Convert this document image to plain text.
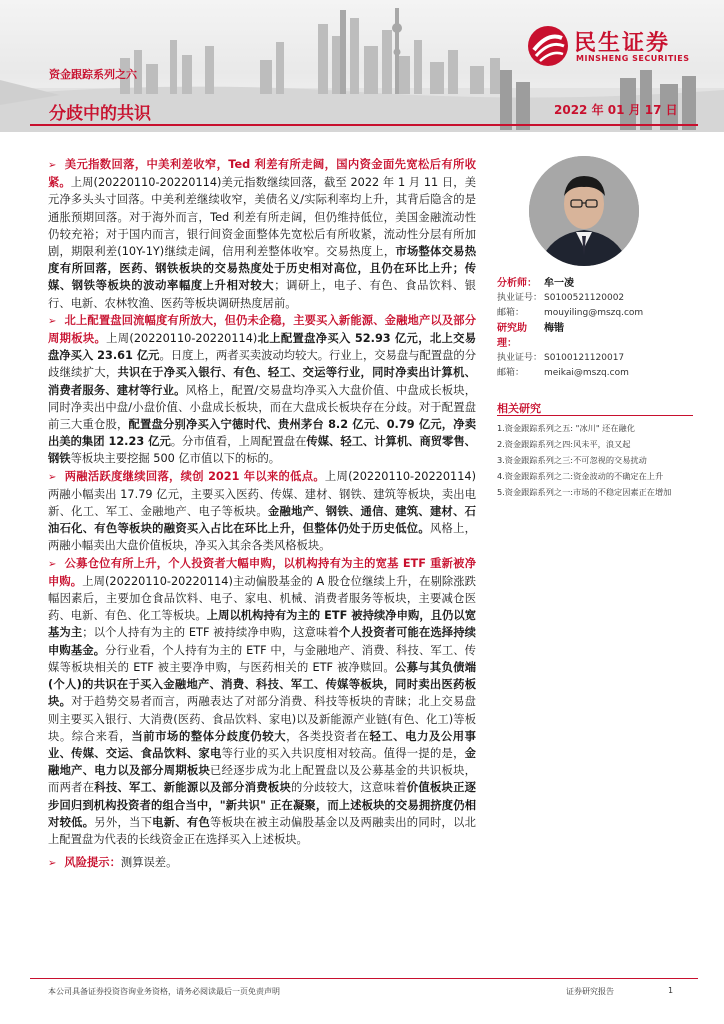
民生证券
MINSHENG SECURITIES
资金跟踪系列之六
分歧中的共识	2022 年 01 月 17 日

➢ 美元指数回落，中美利差收窄，Ted 利差有所走阔，国内资金面先宽松后有所收紧。上周(20220110-20220114)美元指数继续回落，截至 2022 年 1 月 11 日，美元净多头头寸回落。中美利差继续收窄，美债名义/实际利率均上升，其背后隐含的是通胀预期回落。对于海外而言，Ted 利差有所走阔，但仍维持低位，美国金融流动性仍较充裕；对于国内而言，银行间资金面整体先宽松后有所收紧，流动性分层有所加剧，期限利差(10Y-1Y)继续走阔，信用利差整体收窄。交易热度上，市场整体交易热度有所回落，医药、钢铁板块的交易热度处于历史相对高位，且仍在环比上升；传媒、钢铁等板块的波动率幅度上升相对较大；调研上，电子、有色、食品饮料、银行、电新、农林牧渔、医药等板块调研热度居前。

➢ 北上配置盘回流幅度有所放大，但仍未企稳，主要买入新能源、金融地产以及部分周期板块。上周(20220110-20220114)北上配置盘净买入 52.93 亿元，北上交易盘净买入 23.61 亿元。日度上，两者买卖波动均较大。行业上，交易盘与配置盘的分歧继续扩大，共识在于净买入银行、有色、轻工、交运等行业，同时净卖出计算机、消费者服务、建材等行业。风格上，配置/交易盘均净买入大盘价值、中盘成长板块，同时净卖出中盘/小盘价值、小盘成长板块，而在大盘成长板块存在分歧。对于配置盘前三大重仓股，配置盘分别净买入宁德时代、贵州茅台 8.2 亿元、0.79 亿元，净卖出美的集团 12.23 亿元。分市值看，上周配置盘在传媒、轻工、计算机、商贸零售、钢铁等板块主要挖掘 500 亿市值以下的标的。

➢ 两融活跃度继续回落，续创 2021 年以来的低点。上周(20220110-20220114)两融小幅卖出 17.79 亿元，主要买入医药、传媒、建材、钢铁、建筑等板块，卖出电新、化工、军工、金融地产、电子等板块。金融地产、钢铁、通信、建筑、建材、石油石化、有色等板块的融资买入占比在环比上升，但整体仍处于历史低位。风格上，两融小幅卖出大盘价值板块，净买入其余各类风格板块。

➢ 公募仓位有所上升，个人投资者大幅申购，以机构持有为主的宽基 ETF 重新被净申购。上周(20220110-20220114)主动偏股基金的 A 股仓位继续上升，在剔除涨跌幅因素后，主要加仓食品饮料、电子、家电、机械、消费者服务等板块，主要减仓医药、电新、有色、化工等板块。上周以机构持有为主的 ETF 被持续净申购，且仍以宽基为主；以个人持有为主的 ETF 被持续净申购，这意味着个人投资者可能在选择持续申购基金。分行业看，个人持有为主的 ETF 中，与金融地产、消费、科技、军工、传媒等板块相关的 ETF 被主要净申购，与医药相关的 ETF 被净赎回。公募与其负债端(个人)的共识在于买入金融地产、消费、科技、军工、传媒等板块，同时卖出医药板块。对于趋势交易者而言，两融表达了对部分消费、科技等板块的青睐；北上交易盘则主要买入银行、大消费(医药、食品饮料、家电)以及新能源产业链(有色、化工)等板块。综合来看，当前市场的整体分歧度仍较大，各类投资者在轻工、电力及公用事业、传媒、交运、食品饮料、家电等行业的买入共识度相对较高。值得一提的是，金融地产、电力以及部分周期板块已经逐步成为北上配置盘以及公募基金的共识板块，而两者在科技、军工、新能源以及部分消费板块的分歧较大，这意味着价值板块正逐步回归到机构投资者的组合当中，"新共识" 正在凝聚，而上述板块的交易拥挤度仍相对较低。另外，当下电新、有色等板块在被主动偏股基金以及两融卖出的同时，以北上配置盘为代表的长线资金正在选择买入上述板块。

➢ 风险提示：测算误差。

分析师： 牟一凌
执业证号： S0100521120002
邮箱：	mouyiling@mszq.com
研究助理：
梅锴
执业证号： S0100121120017
邮箱：	meikai@mszq.com
相关研究
1.资金跟踪系列之五: "冰川" 还在融化
2.资金跟踪系列之四:风未平，浪又起
3.资金跟踪系列之三:不可忽视的交易扰动
4.资金跟踪系列之二:资金波动的不确定在上升
5.资金跟踪系列之一:市场的不稳定因素正在增加
本公司具备证券投资咨询业务资格，请务必阅读最后一页免责声明	证券研究报告	1
